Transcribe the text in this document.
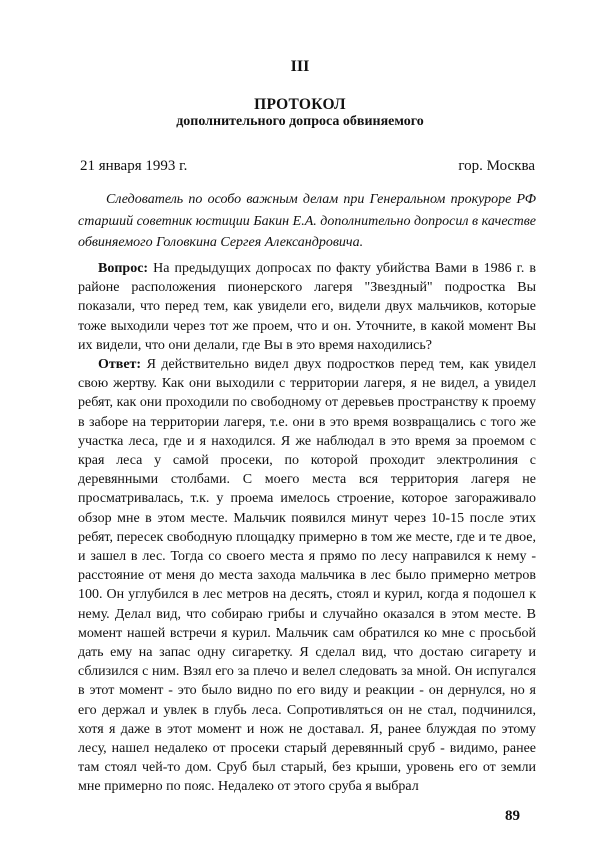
III
ПРОТОКОЛ
дополнительного допроса обвиняемого
21 января 1993 г.	гор. Москва

Следователь по особо важным делам при Генеральном прокуроре РФ старший советник юстиции Бакин Е.А. дополнительно допросил в качестве обвиняемого Головкина Сергея Александровича.

Вопрос: На предыдущих допросах по факту убийства Вами в 1986 г. в районе расположения пионерского лагеря "Звездный" подростка Вы показали, что перед тем, как увидели его, видели двух мальчиков, которые тоже выходили через тот же проем, что и он. Уточните, в какой момент Вы их видели, что они делали, где Вы в это время находились?

Ответ: Я действительно видел двух подростков перед тем, как увидел свою жертву. Как они выходили с территории лагеря, я не видел, а увидел ребят, как они проходили по свободному от деревьев пространству к проему в заборе на территории лагеря, т.е. они в это время возвращались с того же участка леса, где и я находился. Я же наблюдал в это время за проемом с края леса у самой просеки, по которой проходит электролиния с деревянными столбами. С моего места вся территория лагеря не просматривалась, т.к. у проема имелось строение, которое загораживало обзор мне в этом месте. Мальчик появился минут через 10-15 после этих ребят, пересек свободную площадку примерно в том же месте, где и те двое, и зашел в лес. Тогда со своего места я прямо по лесу направился к нему - расстояние от меня до места захода мальчика в лес было примерно метров 100. Он углубился в лес метров на десять, стоял и курил, когда я подошел к нему. Делал вид, что собираю грибы и случайно оказался в этом месте. В момент нашей встречи я курил. Мальчик сам обратился ко мне с просьбой дать ему на запас одну сигаретку. Я сделал вид, что достаю сигарету и сблизился с ним. Взял его за плечо и велел следовать за мной. Он испугался в этот момент - это было видно по его виду и реакции - он дернулся, но я его держал и увлек в глубь леса. Сопротивляться он не стал, подчинился, хотя я даже в этот момент и нож не доставал. Я, ранее блуждая по этому лесу, нашел недалеко от просеки старый деревянный сруб - видимо, ранее там стоял чей-то дом. Сруб был старый, без крыши, уровень его от земли мне примерно по пояс. Недалеко от этого сруба я выбрал

89
